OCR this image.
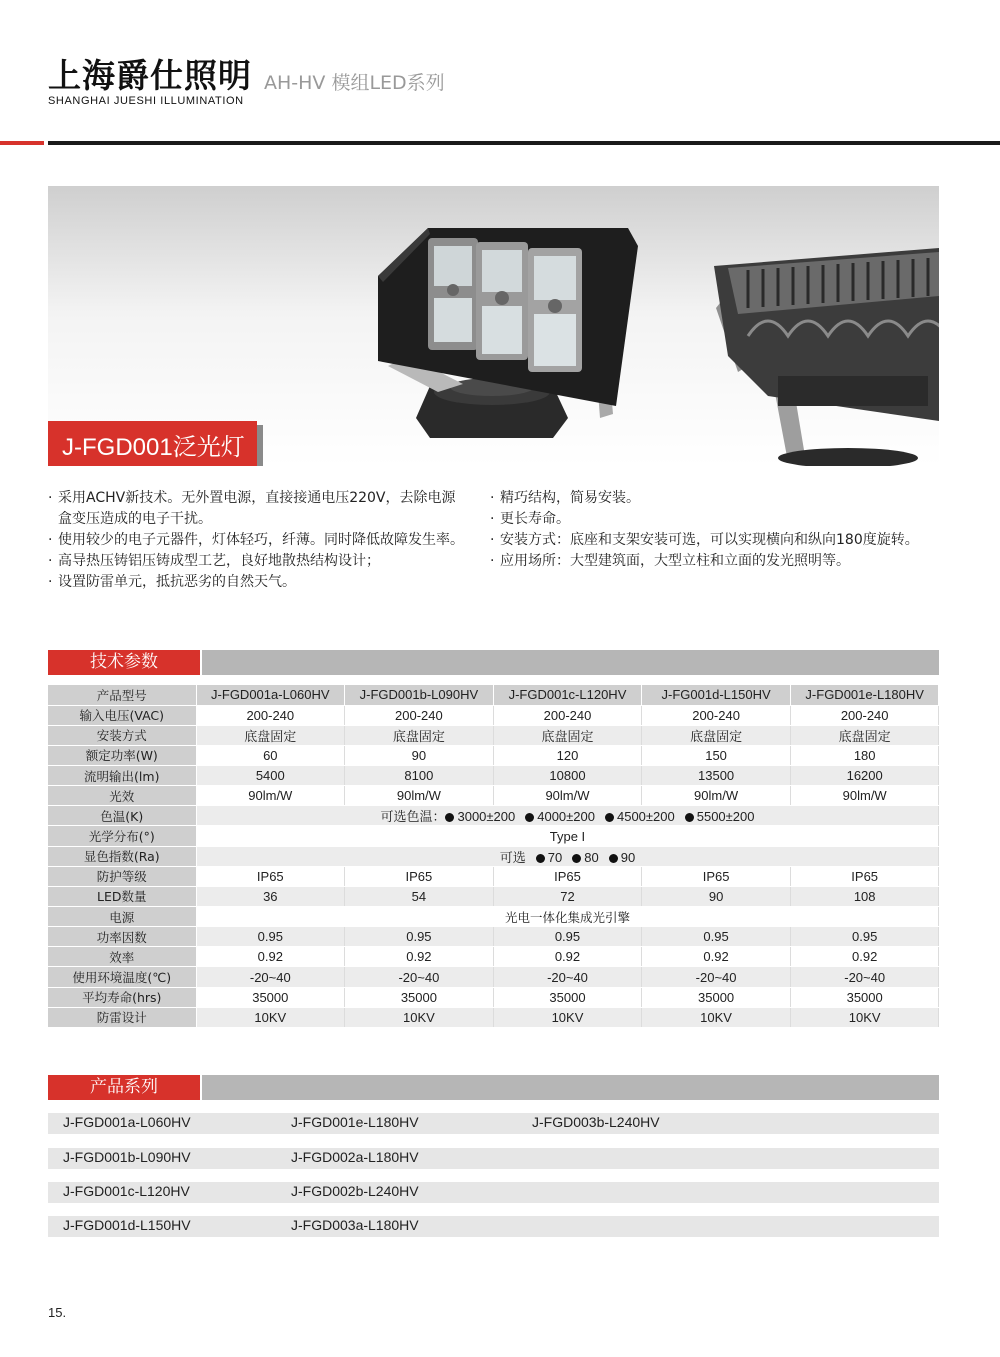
上海爵仕照明
SHANGHAI JUESHI ILLUMINATION
AH-HV 模组LED系列
J-FGD001泛光灯
· 采用ACHV新技术。无外置电源，直接接通电压220V，去除电源盒变压造成的电子干扰。
· 使用较少的电子元器件，灯体轻巧，纤薄。同时降低故障发生率。
· 高导热压铸铝压铸成型工艺，良好地散热结构设计；
· 设置防雷单元，抵抗恶劣的自然天气。
· 精巧结构，简易安装。
· 更长寿命。
· 安装方式：底座和支架安装可选，可以实现横向和纵向180度旋转。
· 应用场所：大型建筑面，大型立柱和立面的发光照明等。
技术参数
产品型号	J-FGD001a-L060HV	J-FGD001b-L090HV	J-FGD001c-L120HV	J-FG001d-L150HV	J-FGD001e-L180HV
输入电压(VAC)	200-240	200-240	200-240	200-240	200-240
安装方式	底盘固定	底盘固定	底盘固定	底盘固定	底盘固定
额定功率(W)	60	90	120	150	180
流明输出(lm)	5400	8100	10800	13500	16200
光效	90lm/W	90lm/W	90lm/W	90lm/W	90lm/W
色温(K)	可选色温： 3000±200 4000±200 4500±200 5500±200				
光学分布(°)	Type I				
显色指数(Ra)	可选 70 80 90				
防护等级	IP65	IP65	IP65	IP65	IP65
LED数量	36	54	72	90	108
电源	光电一体化集成光引擎				
功率因数	0.95	0.95	0.95	0.95	0.95
效率	0.92	0.92	0.92	0.92	0.92
使用环境温度(℃)	-20~40	-20~40	-20~40	-20~40	-20~40
平均寿命(hrs)	35000	35000	35000	35000	35000
防雷设计	10KV	10KV	10KV	10KV	10KV
产品系列
J-FGD001a-L060HV	J-FGD001e-L180HV	J-FGD003b-L240HV
J-FGD001b-L090HV	J-FGD002a-L180HV
J-FGD001c-L120HV	J-FGD002b-L240HV
J-FGD001d-L150HV	J-FGD003a-L180HV
15.
